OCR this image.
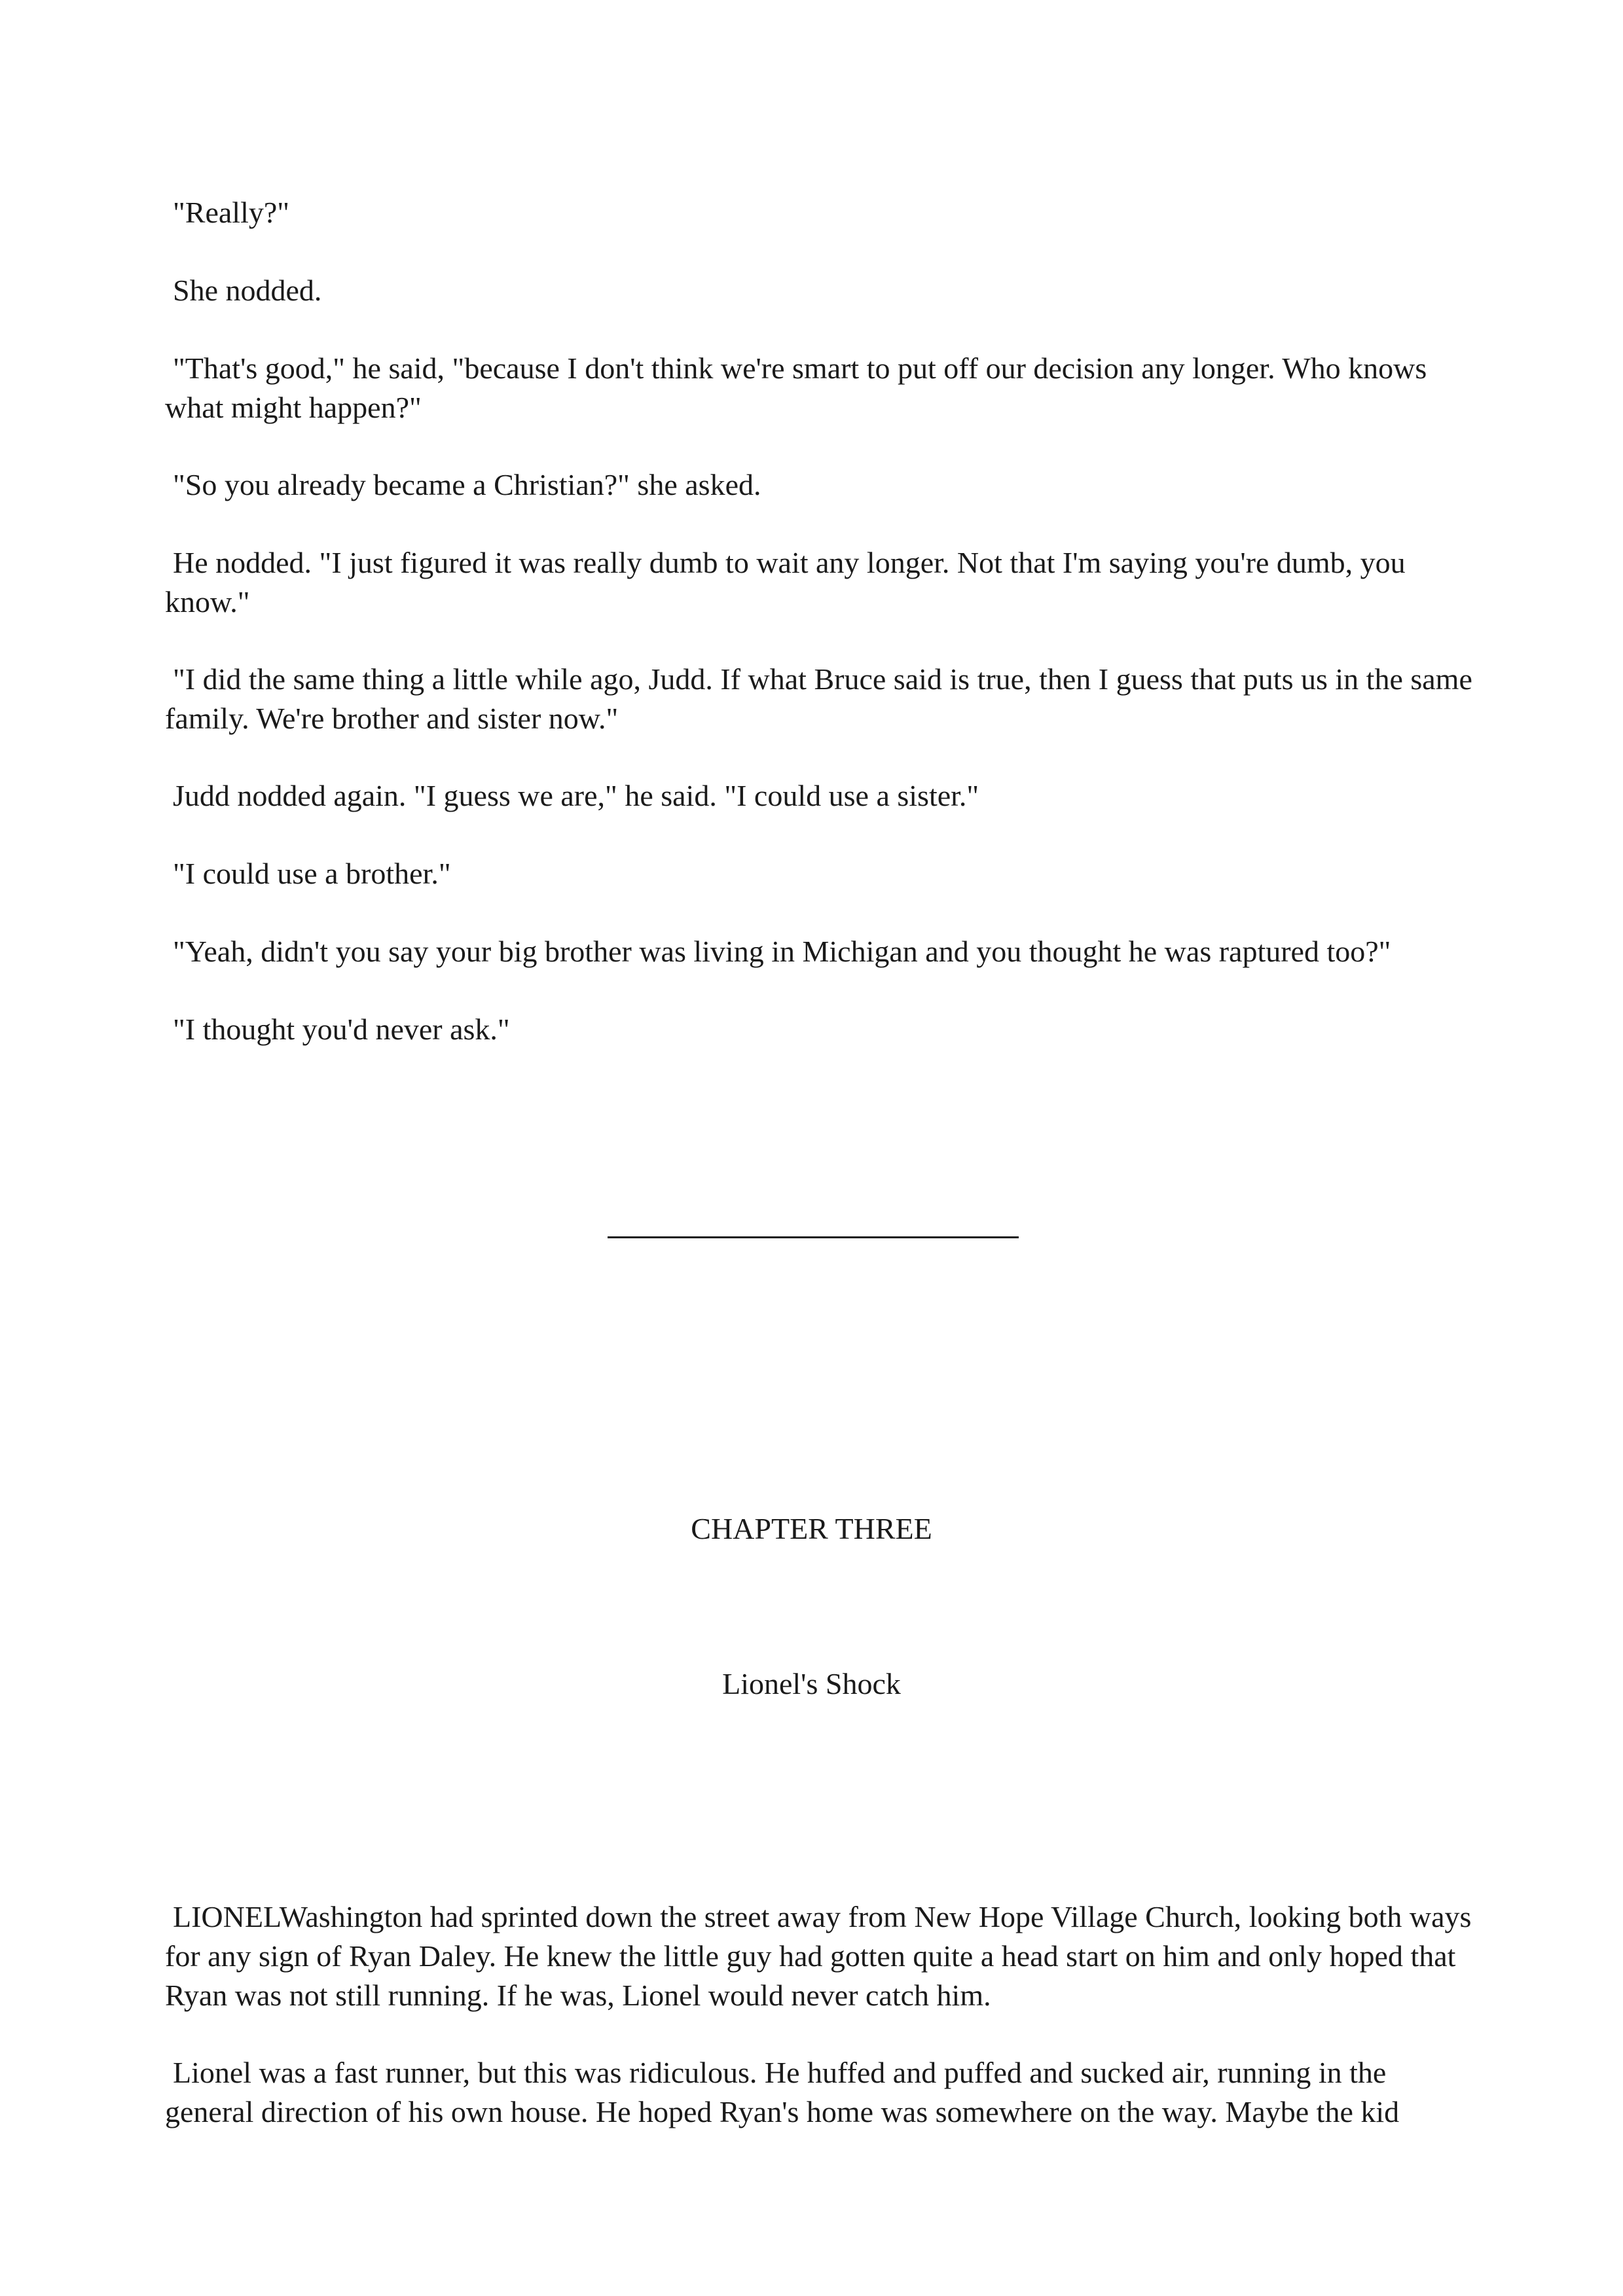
"Really?"

She nodded.

"That's good," he said, "because I don't think we're smart to put off our decision any longer. Who knows what might happen?"

"So you already became a Christian?" she asked.

He nodded. "I just figured it was really dumb to wait any longer. Not that I'm saying you're dumb, you know."

"I did the same thing a little while ago, Judd. If what Bruce said is true, then I guess that puts us in the same family. We're brother and sister now."

Judd nodded again. "I guess we are," he said. "I could use a sister."

"I could use a brother."

"Yeah, didn't you say your big brother was living in Michigan and you thought he was raptured too?"

"I thought you'd never ask."

CHAPTER THREE

Lionel's Shock

LIONELWashington had sprinted down the street away from New Hope Village Church, looking both ways for any sign of Ryan Daley. He knew the little guy had gotten quite a head start on him and only hoped that Ryan was not still running. If he was, Lionel would never catch him.

Lionel was a fast runner, but this was ridiculous. He huffed and puffed and sucked air, running in the general direction of his own house. He hoped Ryan's home was somewhere on the way. Maybe the kid
